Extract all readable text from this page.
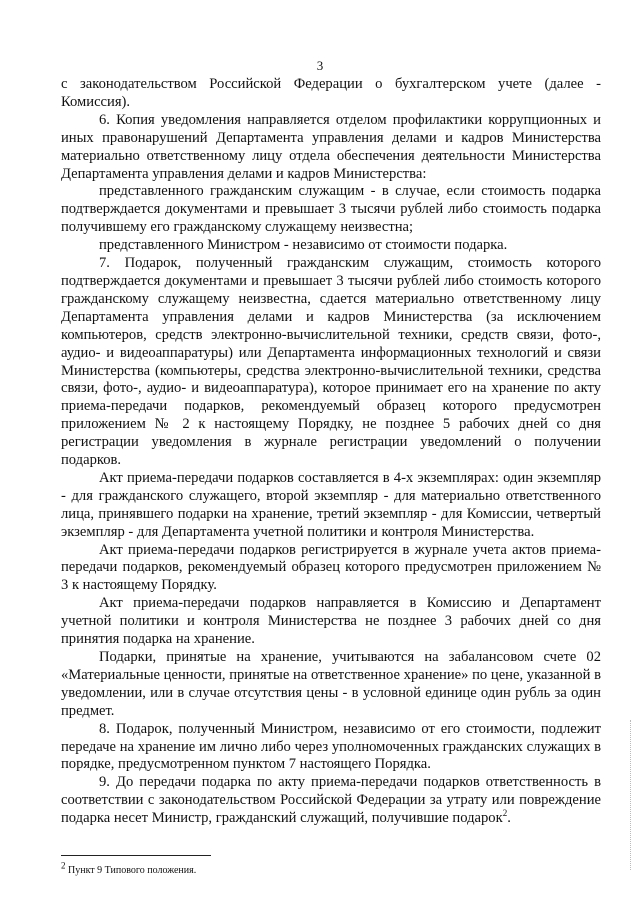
3

с законодательством Российской Федерации о бухгалтерском учете (далее - Комиссия).

6. Копия уведомления направляется отделом профилактики коррупционных и иных правонарушений Департамента управления делами и кадров Министерства материально ответственному лицу отдела обеспечения деятельности Министерства Департамента управления делами и кадров Министерства:

представленного гражданским служащим - в случае, если стоимость подарка подтверждается документами и превышает 3 тысячи рублей либо стоимость подарка получившему его гражданскому служащему неизвестна;

представленного Министром - независимо от стоимости подарка.

7. Подарок, полученный гражданским служащим, стоимость которого подтверждается документами и превышает 3 тысячи рублей либо стоимость которого гражданскому служащему неизвестна, сдается материально ответственному лицу Департамента управления делами и кадров Министерства (за исключением компьютеров, средств электронно-вычислительной техники, средств связи, фото-, аудио- и видеоаппаратуры) или Департамента информационных технологий и связи Министерства (компьютеры, средства электронно-вычислительной техники, средства связи, фото-, аудио- и видеоаппаратура), которое принимает его на хранение по акту приема-передачи подарков, рекомендуемый образец которого предусмотрен приложением № 2 к настоящему Порядку, не позднее 5 рабочих дней со дня регистрации уведомления в журнале регистрации уведомлений о получении подарков.

Акт приема-передачи подарков составляется в 4-х экземплярах: один экземпляр - для гражданского служащего, второй экземпляр - для материально ответственного лица, принявшего подарки на хранение, третий экземпляр - для Комиссии, четвертый экземпляр - для Департамента учетной политики и контроля Министерства.

Акт приема-передачи подарков регистрируется в журнале учета актов приема-передачи подарков, рекомендуемый образец которого предусмотрен приложением № 3 к настоящему Порядку.

Акт приема-передачи подарков направляется в Комиссию и Департамент учетной политики и контроля Министерства не позднее 3 рабочих дней со дня принятия подарка на хранение.

Подарки, принятые на хранение, учитываются на забалансовом счете 02 «Материальные ценности, принятые на ответственное хранение» по цене, указанной в уведомлении, или в случае отсутствия цены - в условной единице один рубль за один предмет.

8. Подарок, полученный Министром, независимо от его стоимости, подлежит передаче на хранение им лично либо через уполномоченных гражданских служащих в порядке, предусмотренном пунктом 7 настоящего Порядка.

9. До передачи подарка по акту приема-передачи подарков ответственность в соответствии с законодательством Российской Федерации за утрату или повреждение подарка несет Министр, гражданский служащий, получившие подарок$^2$.

$^2$ Пункт 9 Типового положения.
